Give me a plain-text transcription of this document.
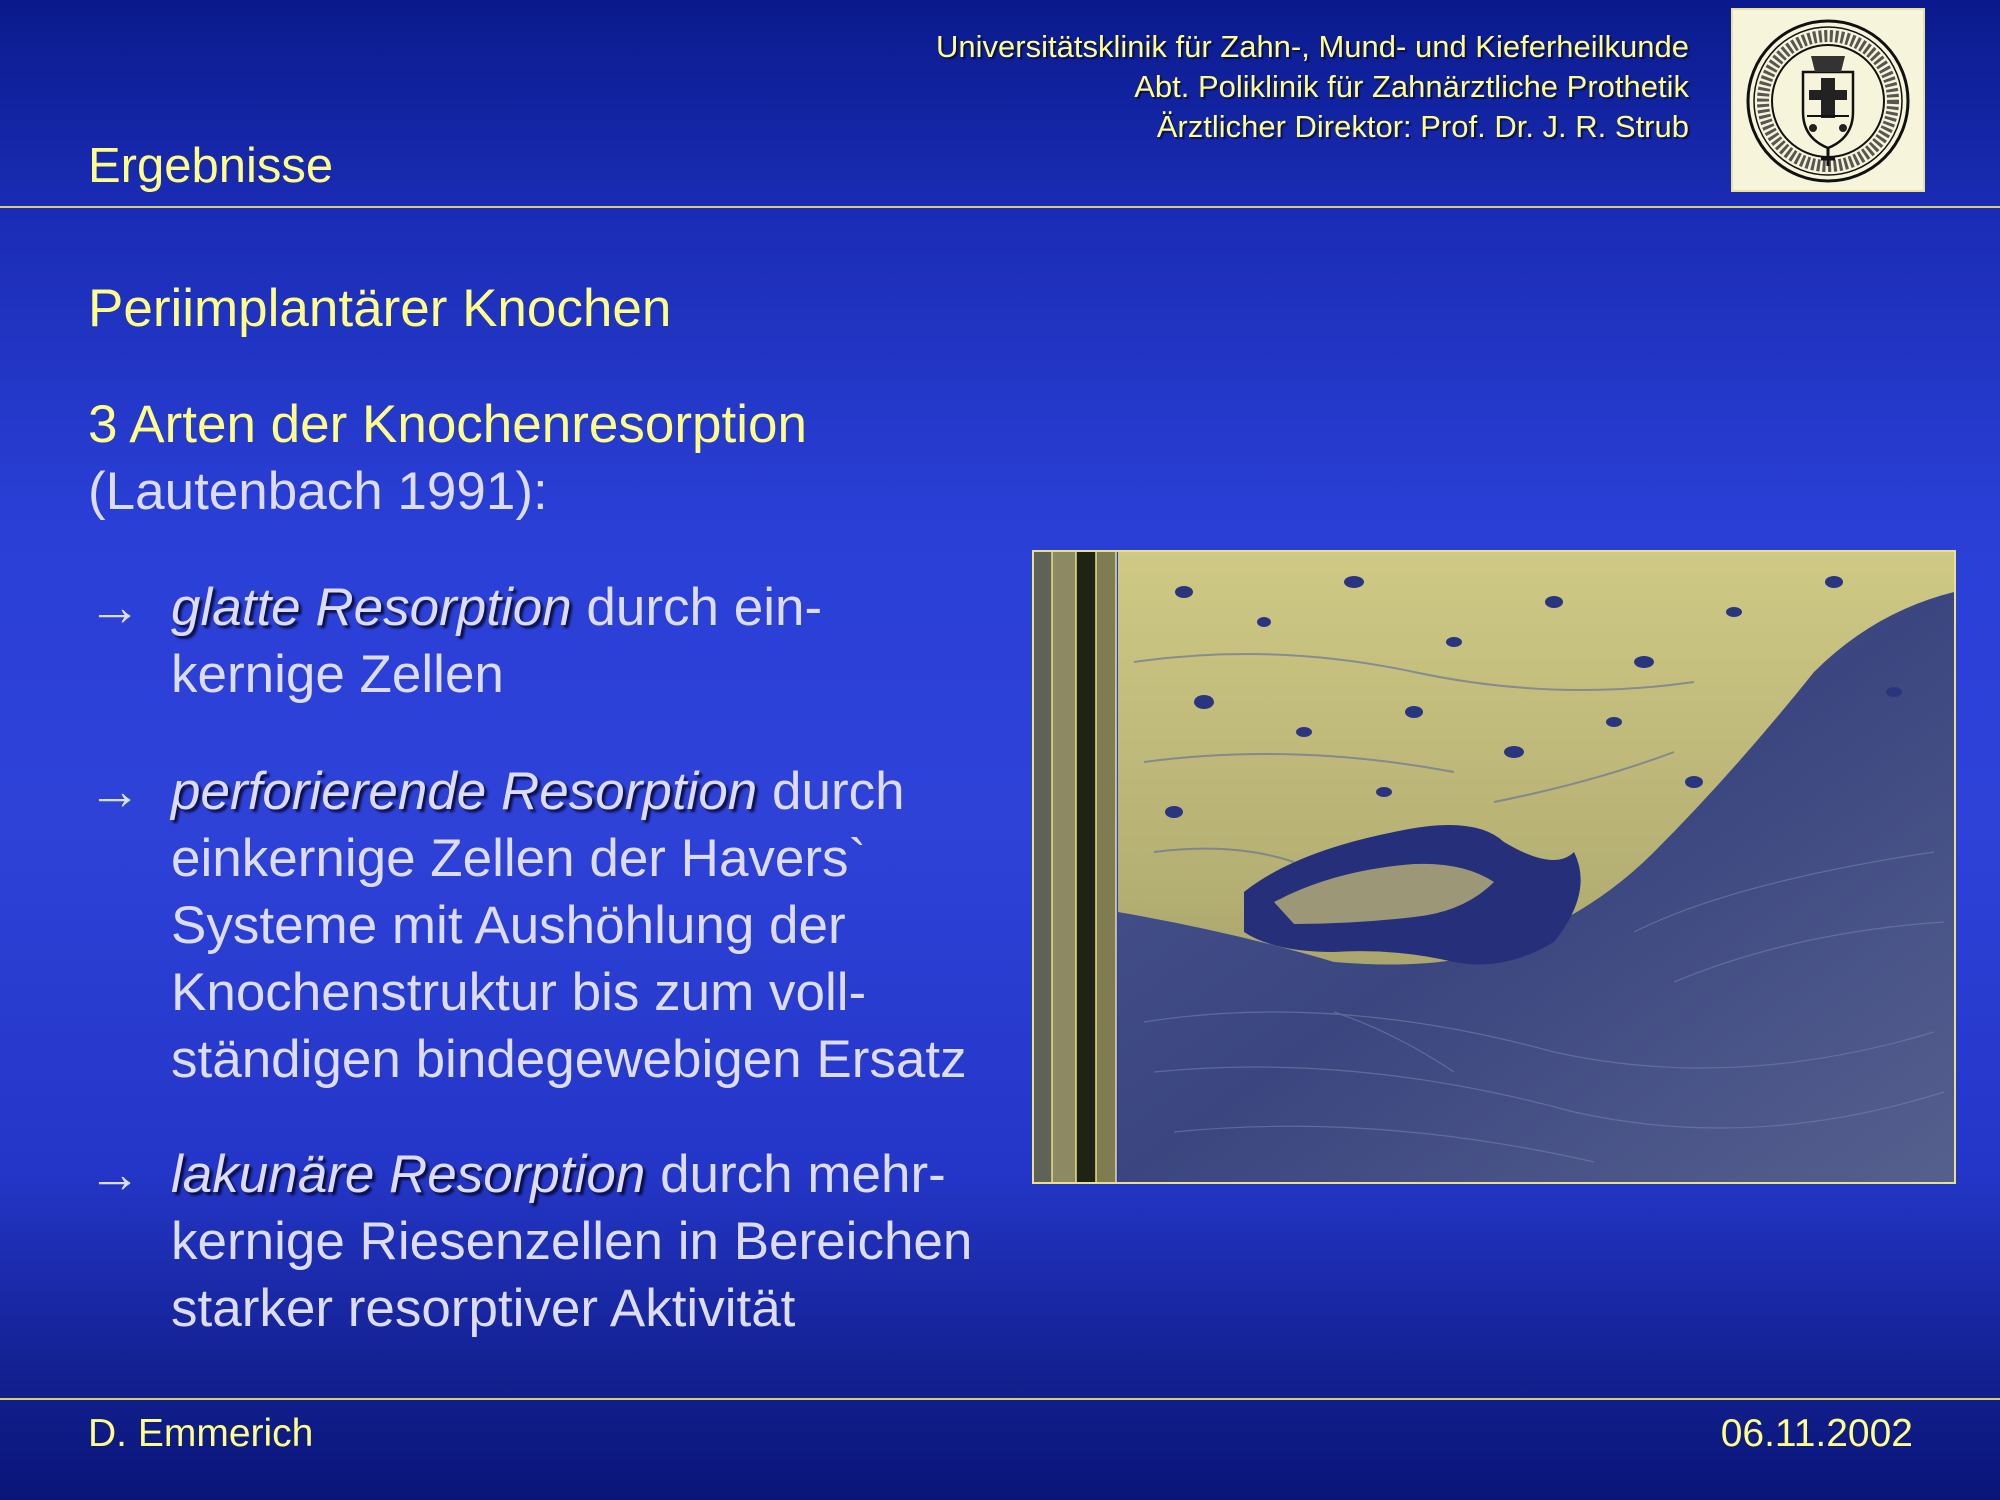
Universitätsklinik für Zahn-, Mund- und Kieferheilkunde
Abt. Poliklinik für Zahnärztliche Prothetik
Ärztlicher Direktor: Prof. Dr. J. R. Strub
Ergebnisse
Periimplantärer Knochen
3 Arten der Knochenresorption
(Lautenbach 1991):
→ glatte Resorption durch ein-
kernige Zellen
→ perforierende Resorption durch
einkernige Zellen der Havers`
Systeme mit Aushöhlung der
Knochenstruktur bis zum voll-
ständigen bindegewebigen Ersatz
→ lakunäre Resorption durch mehr-
kernige Riesenzellen in Bereichen
starker resorptiver Aktivität
D. Emmerich	06.11.2002
